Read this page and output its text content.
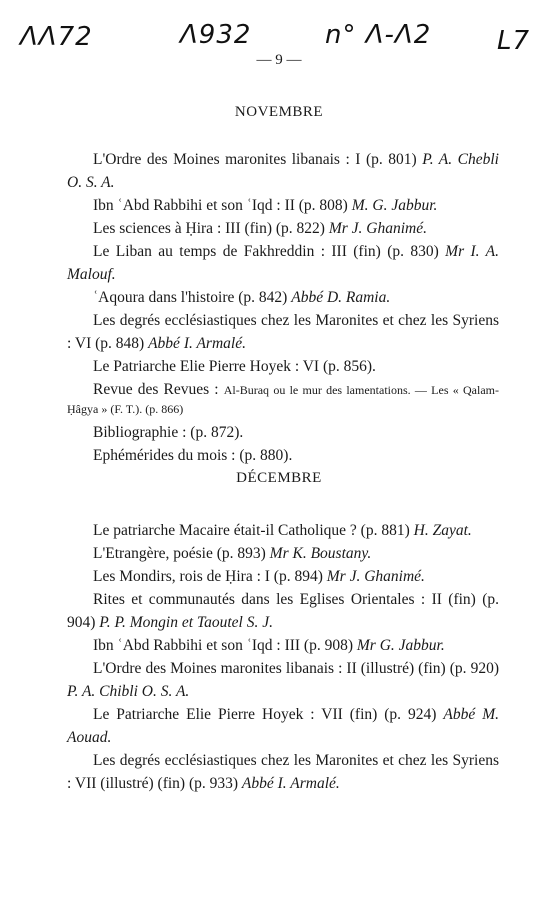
ΛΛ72	Λ932	n° Λ-Λ2	L7
— 9 —
NOVEMBRE

L'Ordre des Moines maronites libanais : I (p. 801) P. A. Chebli O. S. A.

Ibn ʿAbd Rabbihi et son ʿIqd : II (p. 808) M. G. Jabbur.

Les sciences à Ḥira : III (fin) (p. 822) Mr J. Ghanimé.

Le Liban au temps de Fakhreddin : III (fin) (p. 830) Mr I. A. Malouf.

ʿAqoura dans l'histoire (p. 842) Abbé D. Ramia.

Les degrés ecclésiastiques chez les Maronites et chez les Syriens : VI (p. 848) Abbé I. Armalé.

Le Patriarche Elie Pierre Hoyek : VI (p. 856).

Revue des Revues : Al-Buraq ou le mur des lamentations. — Les « Qalam-Ḥâgya » (F. T.). (p. 866)

Bibliographie : (p. 872).

Ephémérides du mois : (p. 880).

DÉCEMBRE

Le patriarche Macaire était-il Catholique ? (p. 881) H. Zayat.

L'Etrangère, poésie (p. 893) Mr K. Boustany.

Les Mondirs, rois de Ḥira : I (p. 894) Mr J. Ghanimé.

Rites et communautés dans les Eglises Orientales : II (fin) (p. 904) P. P. Mongin et Taoutel S. J.

Ibn ʿAbd Rabbihi et son ʿIqd : III (p. 908) Mr G. Jabbur.

L'Ordre des Moines maronites libanais : II (illustré) (fin) (p. 920) P. A. Chibli O. S. A.

Le Patriarche Elie Pierre Hoyek : VII (fin) (p. 924) Abbé M. Aouad.

Les degrés ecclésiastiques chez les Maronites et chez les Syriens : VII (illustré) (fin) (p. 933) Abbé I. Armalé.
